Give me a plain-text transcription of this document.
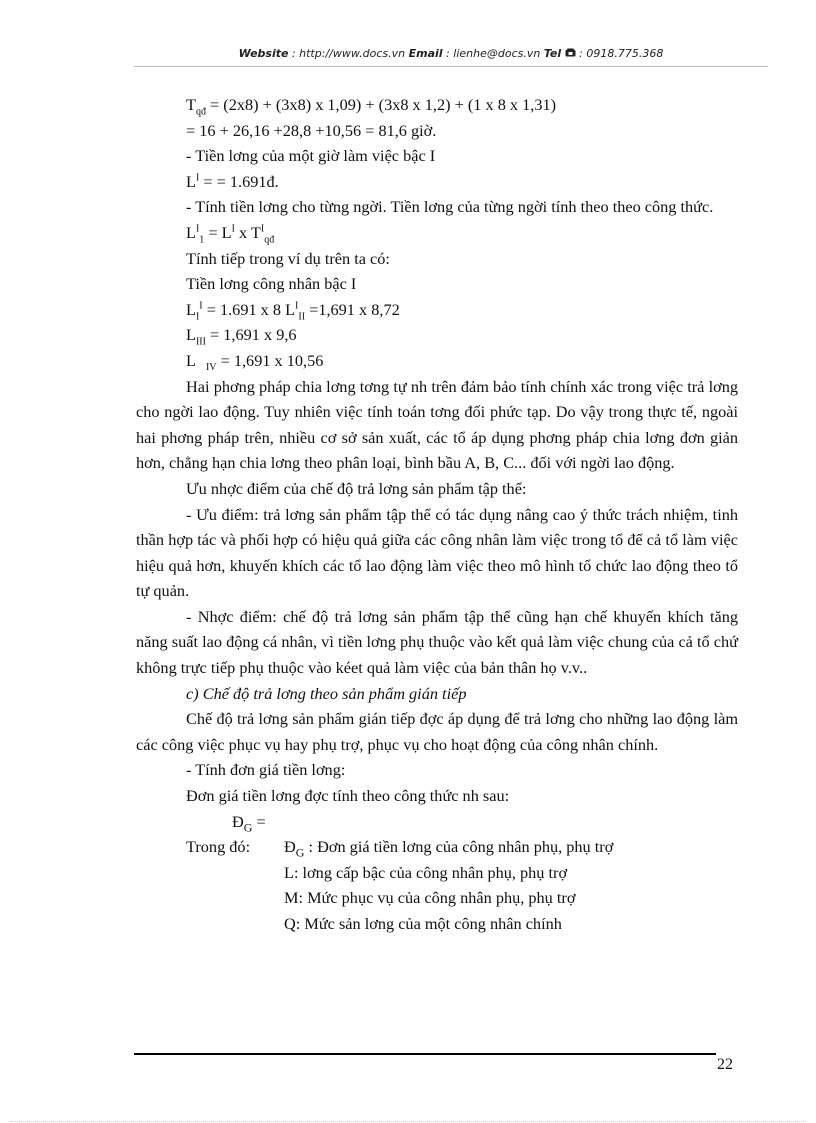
Website : http://www.docs.vn Email : lienhe@docs.vn Tel  : 0918.775.368
$T_{qđ} = (2x8) + (3x8)$ x 1,09) + (3x8 x 1,2) + (1 x 8 x 1,31)
= 16 + 26,16 +28,8 +10,56 = 81,6 giờ.
- Tiền lơng của một giờ làm việc bậc I
$L^I$ = = 1.691đ.
- Tính tiền lơng cho từng ngời. Tiền lơng của từng ngời tính theo theo công thức.
$L^I_1 = L^I$ x $T^I_{qđ}$
Tính tiếp trong ví dụ trên ta có:
Tiền lơng công nhân bậc I
$L_I^I = 1.691$ x 8 $L^I_{II} =1,691$ x 8,72
$L_{III} = 1,691$ x 9,6
L $_{IV}$ = 1,691 x 10,56
Hai phơng pháp chia lơng tơng tự nh trên đảm bảo tính chính xác trong việc trả lơng cho ngời lao động. Tuy nhiên việc tính toán tơng đối phức tạp. Do vậy trong thực tế, ngoài hai phơng pháp trên, nhiều cơ sở sản xuất, các tổ áp dụng phơng pháp chia lơng đơn giản hơn, chẳng hạn chia lơng theo phân loại, bình bầu A, B, C... đối với ngời lao động.
Ưu nhợc điểm của chế độ trả lơng sản phẩm tập thể:
- Ưu điểm: trả lơng sản phẩm tập thể có tác dụng nâng cao ý thức trách nhiệm, tinh thần hợp tác và phối hợp có hiệu quả giữa các công nhân làm việc trong tổ để cả tổ làm việc hiệu quả hơn, khuyến khích các tổ lao động làm việc theo mô hình tổ chức lao động theo tổ tự quản.
- Nhợc điểm: chế độ trả lơng sản phẩm tập thể cũng hạn chế khuyến khích tăng năng suất lao động cá nhân, vì tiền lơng phụ thuộc vào kết quả làm việc chung của cả tổ chứ không trực tiếp phụ thuộc vào kéet quả làm việc của bản thân họ v.v..
c) Chế độ trả lơng theo sản phẩm gián tiếp
Chế độ trả lơng sản phẩm gián tiếp đợc áp dụng để trả lơng cho những lao động làm các công việc phục vụ hay phụ trợ, phục vụ cho hoạt động của công nhân chính.
- Tính đơn giá tiền lơng:
Đơn giá tiền lơng đợc tính theo công thức nh sau:
$Đ_G$ =
Trong đó:	$Đ_G$ : Đơn giá tiền lơng của công nhân phụ, phụ trợ
L: lơng cấp bậc của công nhân phụ, phụ trợ
M: Mức phục vụ của công nhân phụ, phụ trợ
Q: Mức sản lơng của một công nhân chính
22
